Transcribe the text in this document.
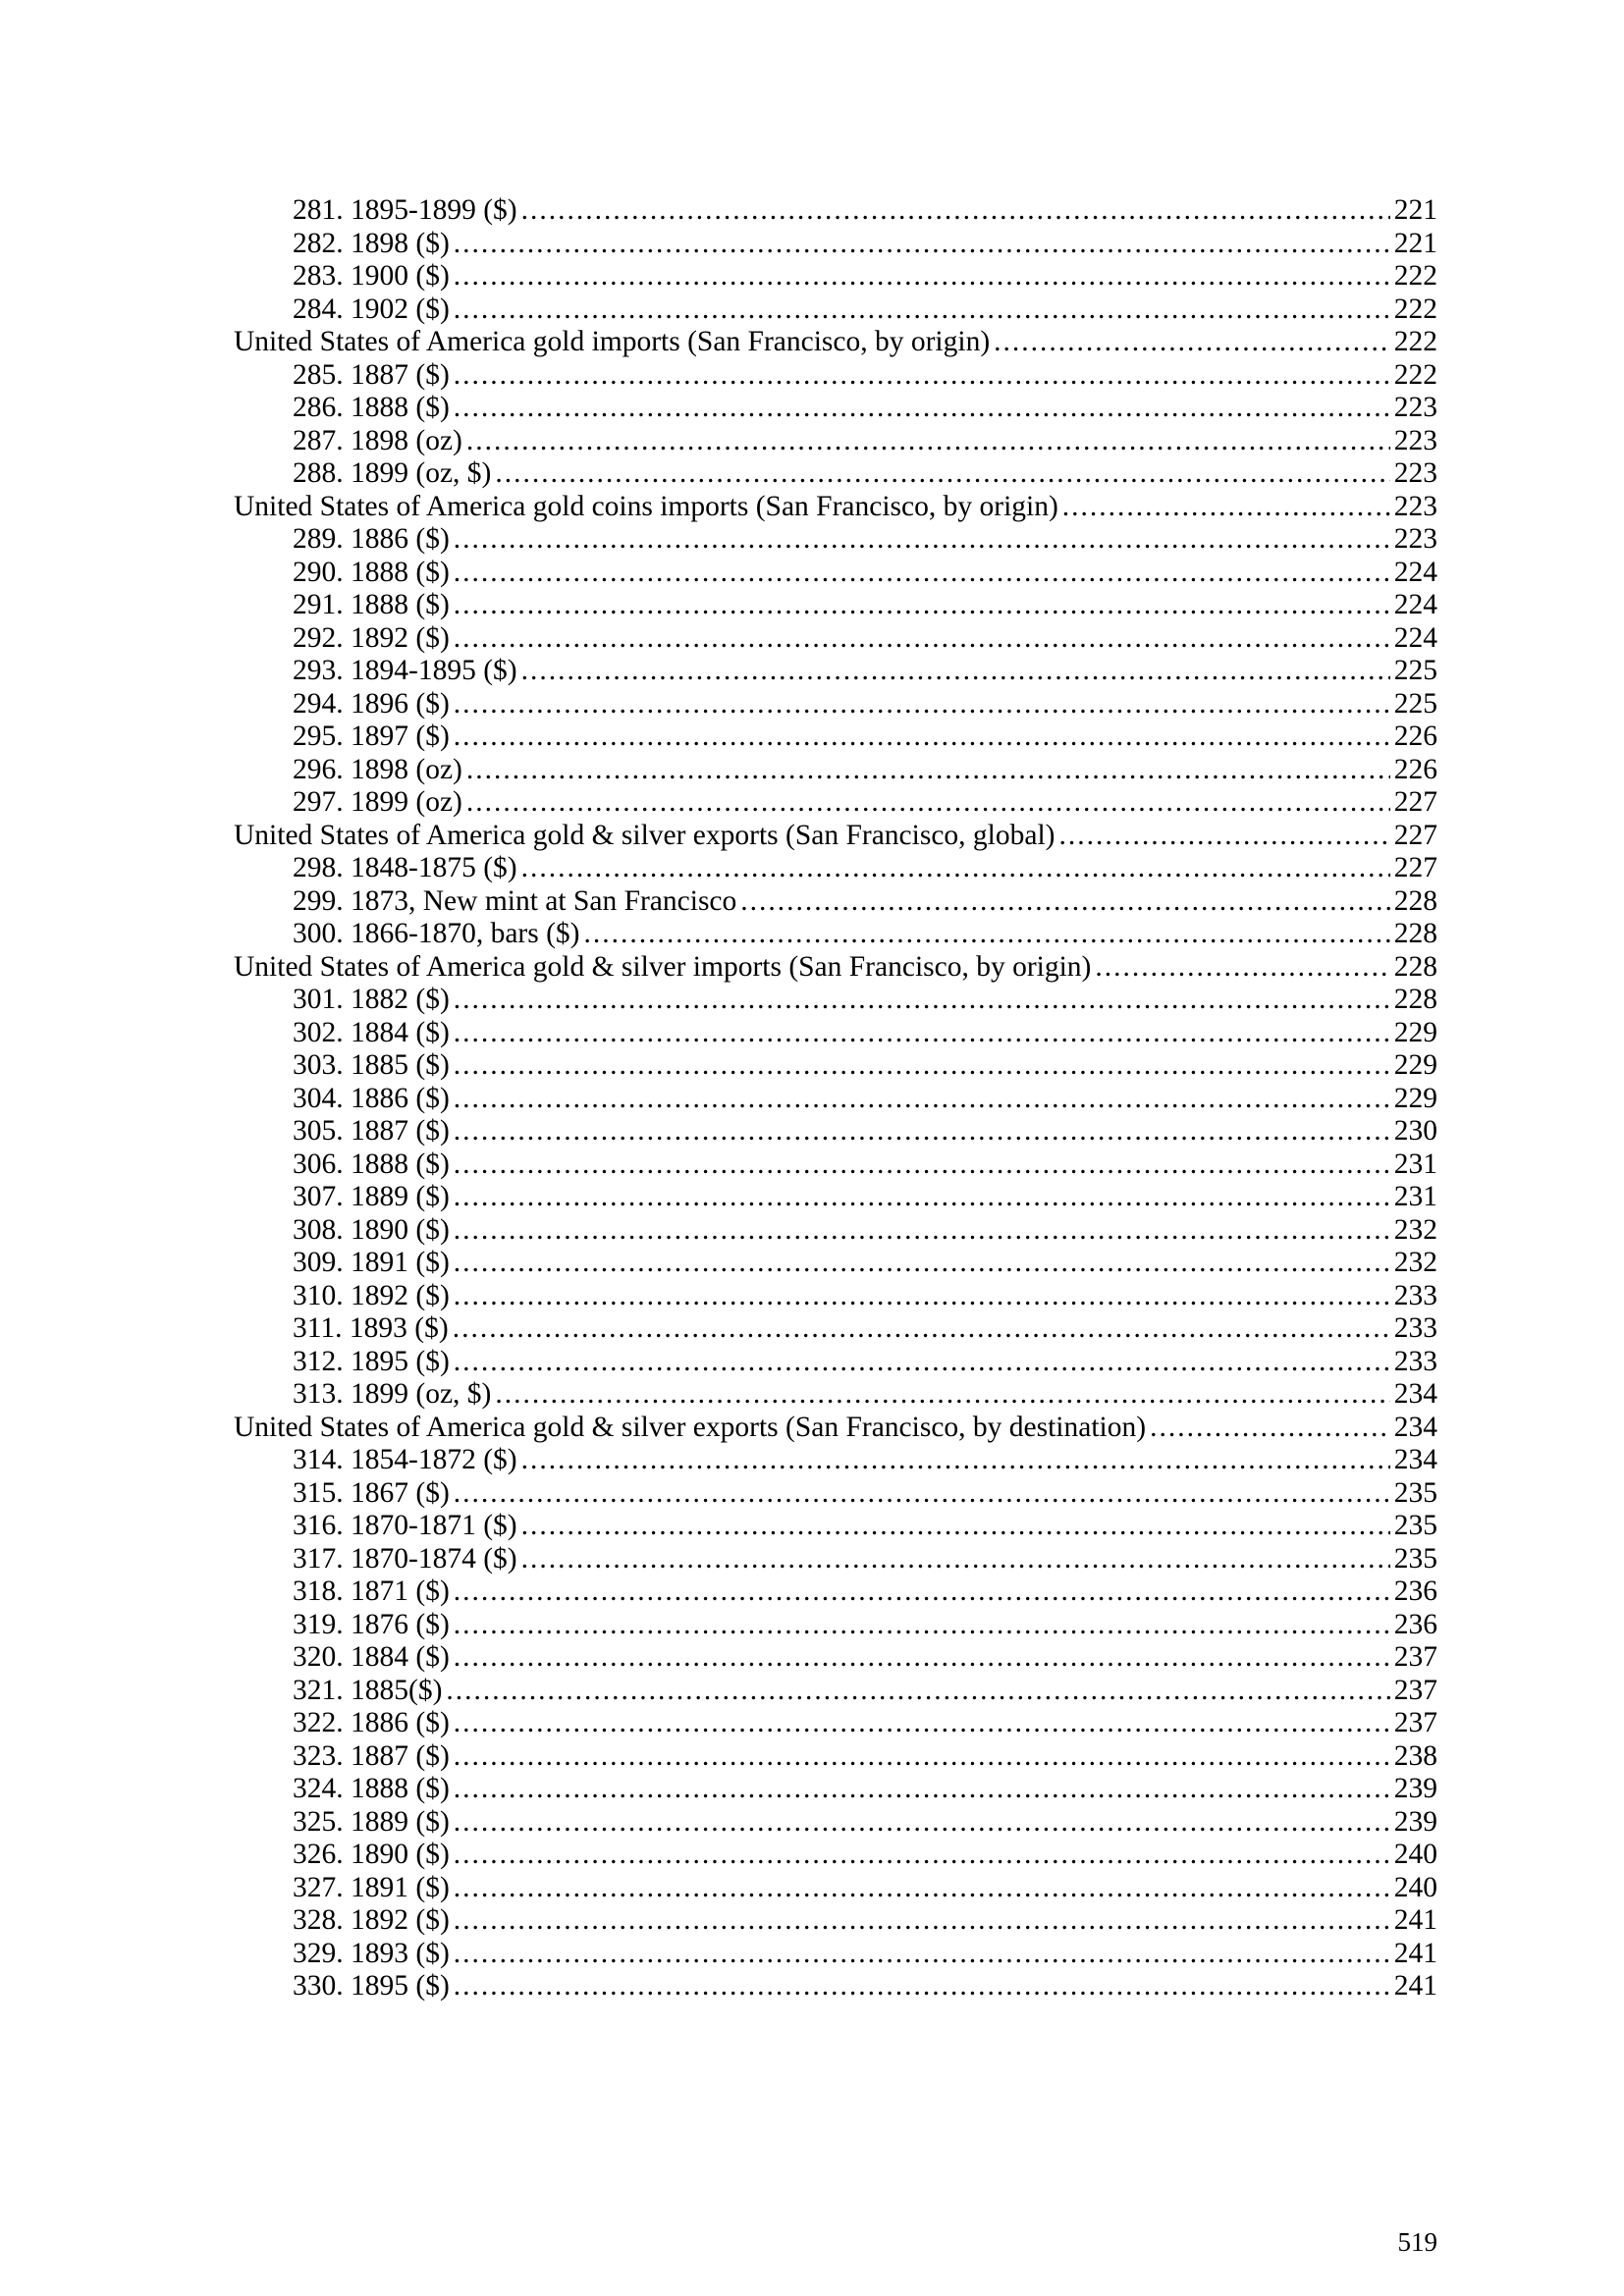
281. 1895-1899 ($) .....	221
282. 1898 ($) .....	221
283. 1900 ($) .....	222
284. 1902 ($) .....	222
United States of America gold imports (San Francisco, by origin) .....	222
285. 1887 ($) .....	222
286. 1888 ($) .....	223
287. 1898 (oz) .....	223
288. 1899 (oz, $) .....	223
United States of America gold coins imports (San Francisco, by origin) .....	223
289. 1886 ($) .....	223
290. 1888 ($) .....	224
291. 1888 ($) .....	224
292. 1892 ($) .....	224
293. 1894-1895 ($) .....	225
294. 1896 ($) .....	225
295. 1897 ($) .....	226
296. 1898 (oz) .....	226
297. 1899 (oz) .....	227
United States of America gold & silver exports (San Francisco, global) .....	227
298. 1848-1875 ($) .....	227
299. 1873, New mint at San Francisco .....	228
300. 1866-1870, bars ($) .....	228
United States of America gold & silver imports (San Francisco, by origin) .....	228
301. 1882 ($) .....	228
302. 1884 ($) .....	229
303. 1885 ($) .....	229
304. 1886 ($) .....	229
305. 1887 ($) .....	230
306. 1888 ($) .....	231
307. 1889 ($) .....	231
308. 1890 ($) .....	232
309. 1891 ($) .....	232
310. 1892 ($) .....	233
311. 1893 ($) .....	233
312. 1895 ($) .....	233
313. 1899 (oz, $) .....	234
United States of America gold & silver exports (San Francisco, by destination) .....	234
314. 1854-1872 ($) .....	234
315. 1867 ($) .....	235
316. 1870-1871 ($) .....	235
317. 1870-1874 ($) .....	235
318. 1871 ($) .....	236
319. 1876 ($) .....	236
320. 1884 ($) .....	237
321. 1885($) .....	237
322. 1886 ($) .....	237
323. 1887 ($) .....	238
324. 1888 ($) .....	239
325. 1889 ($) .....	239
326. 1890 ($) .....	240
327. 1891 ($) .....	240
328. 1892 ($) .....	241
329. 1893 ($) .....	241
330. 1895 ($) .....	241
519
